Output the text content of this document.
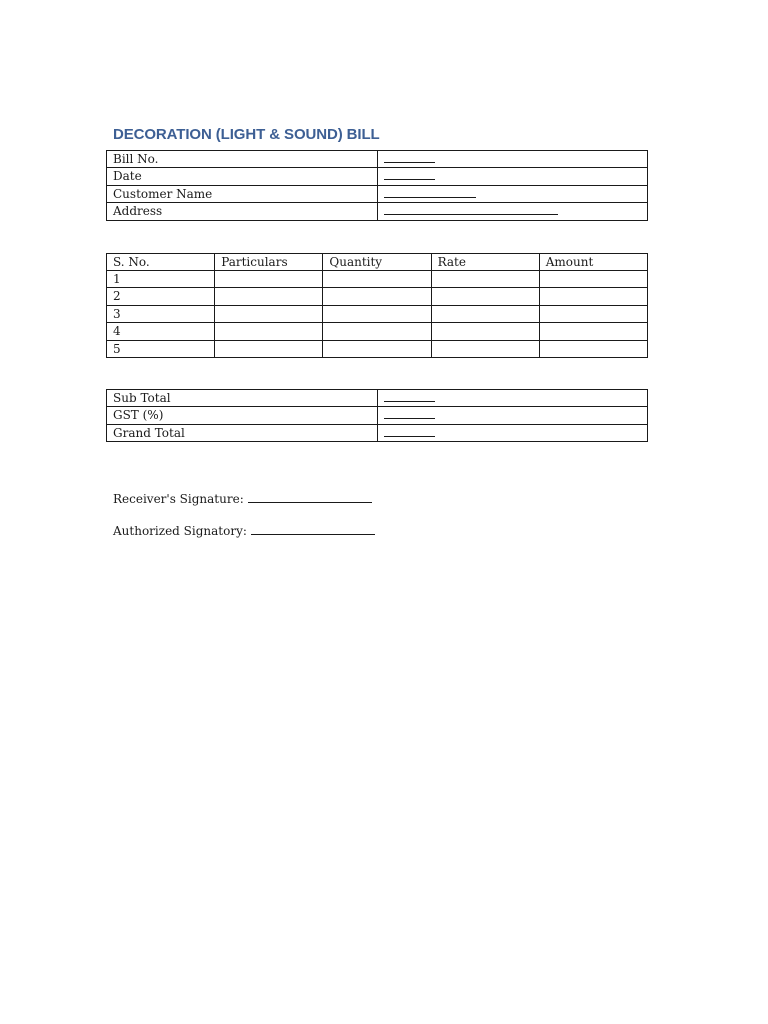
DECORATION (LIGHT & SOUND) BILL
Bill No.	
Date	
Customer Name	
Address	
S. No.	Particulars	Quantity	Rate	Amount
1				
2				
3				
4				
5				
Sub Total	
GST (%)	
Grand Total	
Receiver's Signature:
Authorized Signatory:
